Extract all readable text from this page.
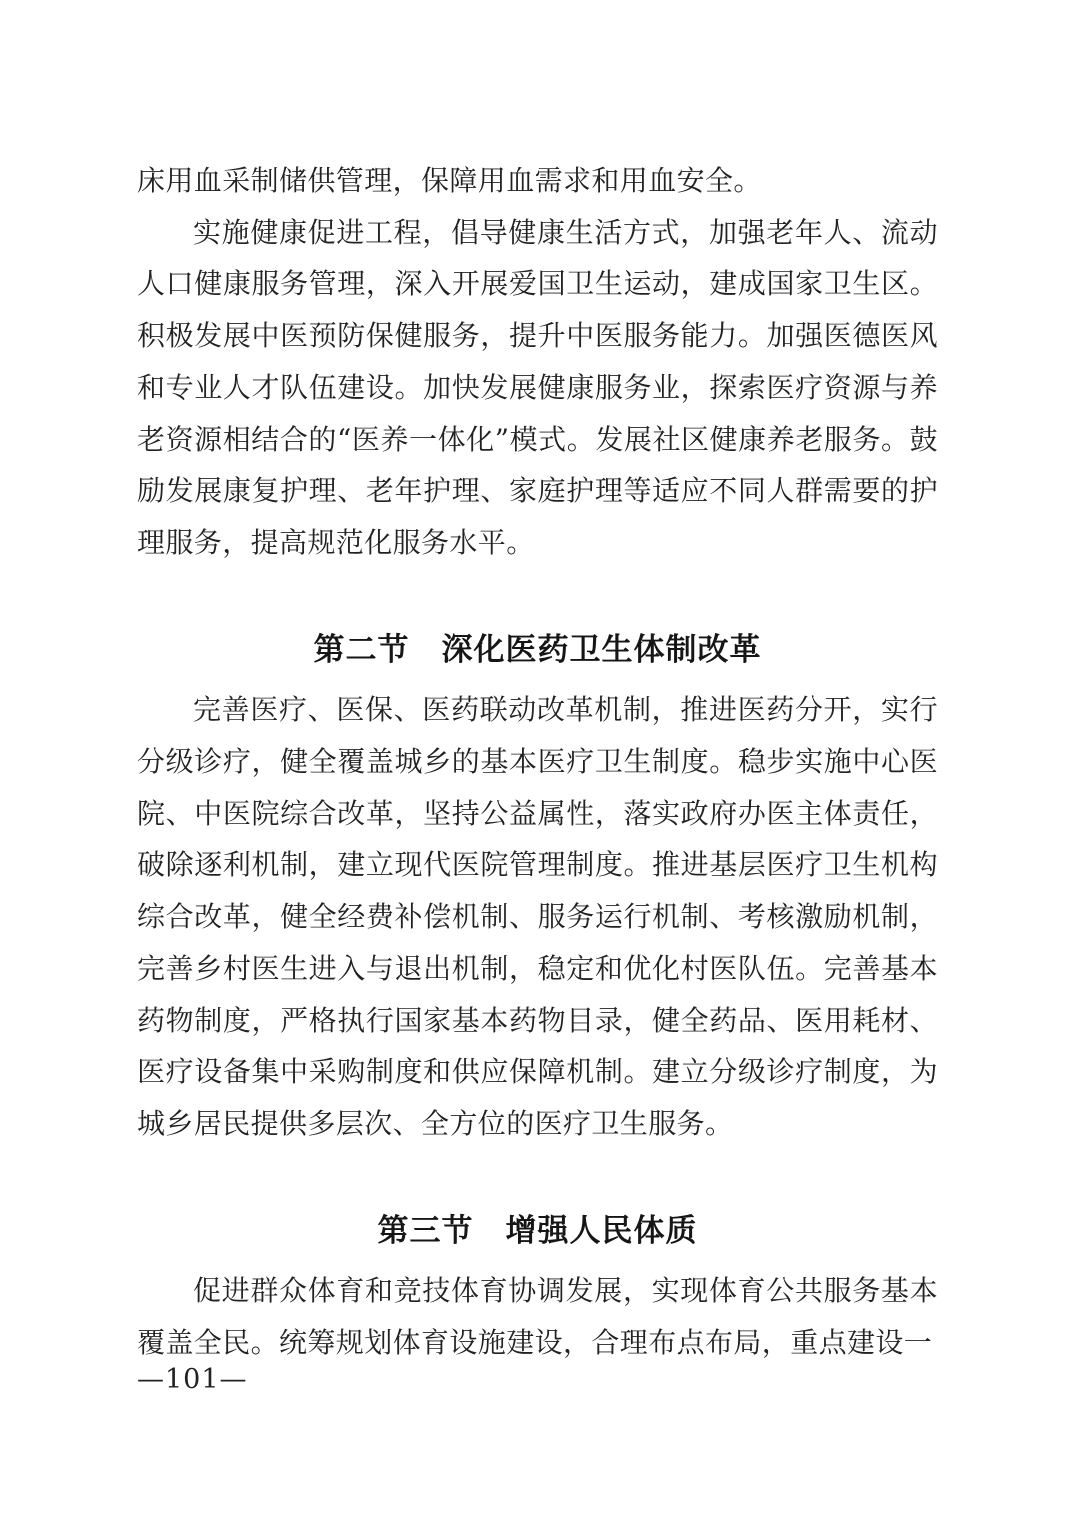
床用血采制储供管理，保障用血需求和用血安全。

实施健康促进工程，倡导健康生活方式，加强老年人、流动人口健康服务管理，深入开展爱国卫生运动，建成国家卫生区。积极发展中医预防保健服务，提升中医服务能力。加强医德医风和专业人才队伍建设。加快发展健康服务业，探索医疗资源与养老资源相结合的“医养一体化”模式。发展社区健康养老服务。鼓励发展康复护理、老年护理、家庭护理等适应不同人群需要的护理服务，提高规范化服务水平。

第二节　深化医药卫生体制改革

完善医疗、医保、医药联动改革机制，推进医药分开，实行分级诊疗，健全覆盖城乡的基本医疗卫生制度。稳步实施中心医院、中医院综合改革，坚持公益属性，落实政府办医主体责任，破除逐利机制，建立现代医院管理制度。推进基层医疗卫生机构综合改革，健全经费补偿机制、服务运行机制、考核激励机制，完善乡村医生进入与退出机制，稳定和优化村医队伍。完善基本药物制度，严格执行国家基本药物目录，健全药品、医用耗材、医疗设备集中采购制度和供应保障机制。建立分级诊疗制度，为城乡居民提供多层次、全方位的医疗卫生服务。

第三节　增强人民体质

促进群众体育和竞技体育协调发展，实现体育公共服务基本覆盖全民。统筹规划体育设施建设，合理布点布局，重点建设一

—101—
